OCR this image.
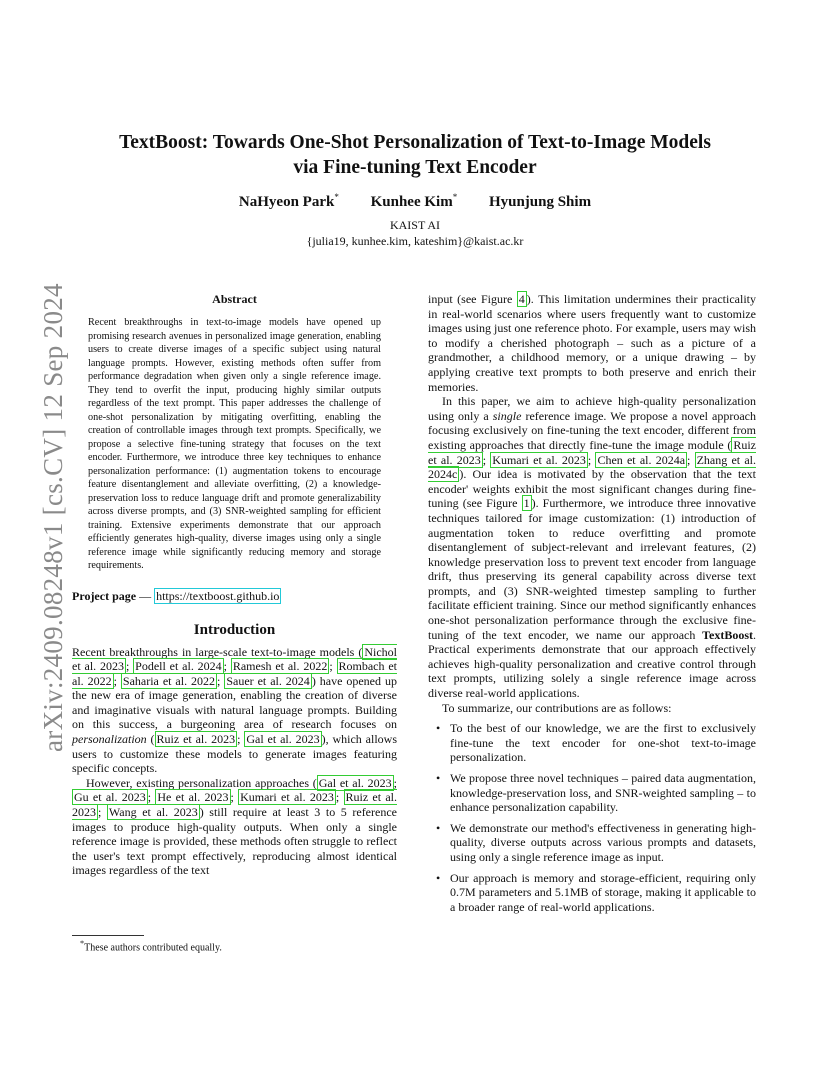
arXiv:2409.08248v1 [cs.CV] 12 Sep 2024
TextBoost: Towards One-Shot Personalization of Text-to-Image Models
via Fine-tuning Text Encoder
NaHyeon Park* Kunhee Kim* Hyunjung Shim
KAIST AI
{julia19, kunhee.kim, kateshim}@kaist.ac.kr
Abstract
Recent breakthroughs in text-to-image models have opened up promising research avenues in personalized image generation, enabling users to create diverse images of a specific subject using natural language prompts. However, existing methods often suffer from performance degradation when given only a single reference image. They tend to overfit the input, producing highly similar outputs regardless of the text prompt. This paper addresses the challenge of one-shot personalization by mitigating overfitting, enabling the creation of controllable images through text prompts. Specifically, we propose a selective fine-tuning strategy that focuses on the text encoder. Furthermore, we introduce three key techniques to enhance personalization performance: (1) augmentation tokens to encourage feature disentanglement and alleviate overfitting, (2) a knowledge-preservation loss to reduce language drift and promote generalizability across diverse prompts, and (3) SNR-weighted sampling for efficient training. Extensive experiments demonstrate that our approach efficiently generates high-quality, diverse images using only a single reference image while significantly reducing memory and storage requirements.
Project page — https://textboost.github.io
Introduction

Recent breakthroughs in large-scale text-to-image models ( Nichol et al. 2023 ; Podell et al. 2024 ; Ramesh et al. 2022 ; Rombach et al. 2022 ; Saharia et al. 2022 ; Sauer et al. 2024 ) have opened up the new era of image generation, enabling the creation of diverse and imaginative visuals with natural language prompts. Building on this success, a burgeoning area of research focuses on personalization ( Ruiz et al. 2023 ; Gal et al. 2023 ), which allows users to customize these models to generate images featuring specific concepts.

However, existing personalization approaches ( Gal et al. 2023 ; Gu et al. 2023 ; He et al. 2023 ; Kumari et al. 2023 ; Ruiz et al. 2023 ; Wang et al. 2023 ) still require at least 3 to 5 reference images to produce high-quality outputs. When only a single reference image is provided, these methods often struggle to reflect the user's text prompt effectively, reproducing almost identical images regardless of the text

*These authors contributed equally.

input (see Figure 4 ). This limitation undermines their practicality in real-world scenarios where users frequently want to customize images using just one reference photo. For example, users may wish to modify a cherished photograph – such as a picture of a grandmother, a childhood memory, or a unique drawing – by applying creative text prompts to both preserve and enrich their memories.

In this paper, we aim to achieve high-quality personalization using only a single reference image. We propose a novel approach focusing exclusively on fine-tuning the text encoder, different from existing approaches that directly fine-tune the image module ( Ruiz et al. 2023 ; Kumari et al. 2023 ; Chen et al. 2024a ; Zhang et al. 2024c ). Our idea is motivated by the observation that the text encoder' weights exhibit the most significant changes during fine-tuning (see Figure 1 ). Furthermore, we introduce three innovative techniques tailored for image customization: (1) introduction of augmentation token to reduce overfitting and promote disentanglement of subject-relevant and irrelevant features, (2) knowledge preservation loss to prevent text encoder from language drift, thus preserving its general capability across diverse text prompts, and (3) SNR-weighted timestep sampling to further facilitate efficient training. Since our method significantly enhances one-shot personalization performance through the exclusive fine-tuning of the text encoder, we name our approach TextBoost. Practical experiments demonstrate that our approach effectively achieves high-quality personalization and creative control through text prompts, utilizing solely a single reference image across diverse real-world applications.

To summarize, our contributions are as follows:

• To the best of our knowledge, we are the first to exclusively fine-tune the text encoder for one-shot text-to-image personalization.
• We propose three novel techniques – paired data augmentation, knowledge-preservation loss, and SNR-weighted sampling – to enhance personalization capability.
• We demonstrate our method's effectiveness in generating high-quality, diverse outputs across various prompts and datasets, using only a single reference image as input.
• Our approach is memory and storage-efficient, requiring only 0.7M parameters and 5.1MB of storage, making it applicable to a broader range of real-world applications.
